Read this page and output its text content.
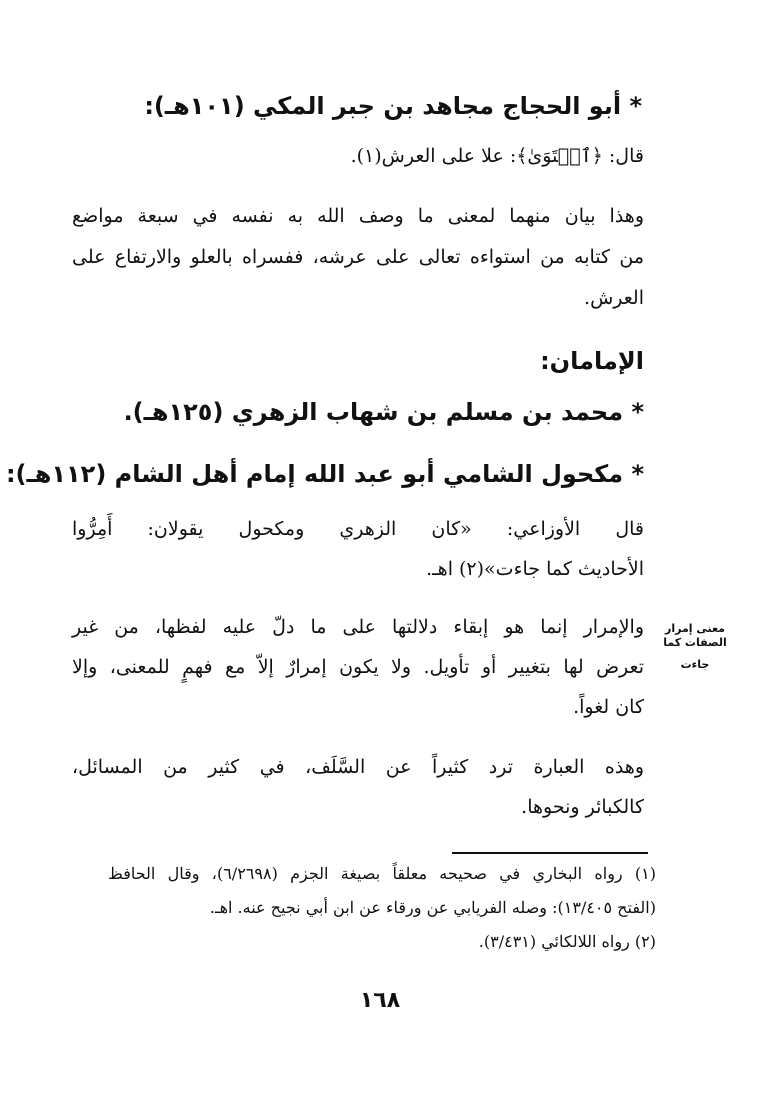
* أبو الحجاج مجاهد بن جبر المكي (١٠١هـ):
قال: ﴿ٱسۡتَوَىٰ﴾: علا على العرش(١).
وهذا بيان منهما لمعنى ما وصف الله به نفسه في سبعة مواضع
من كتابه من استواءه تعالى على عرشه، ففسراه بالعلو والارتفاع على
العرش.
الإمامان:
* محمد بن مسلم بن شهاب الزهري (١٢٥هـ).
* مكحول الشامي أبو عبد الله إمام أهل الشام (١١٢هـ):
قال الأوزاعي: «كان الزهري ومكحول يقولان: أَمِرُّوا
الأحاديث كما جاءت»(٢) اهـ.
معنى إمرار
الصفات كما
جاءت
والإمرار إنما هو إبقاء دلالتها على ما دلّ عليه لفظها، من غير
تعرض لها بتغيير أو تأويل. ولا يكون إمرارٌ إلاّ مع فهمٍ للمعنى، وإلا
كان لغواً.
وهذه العبارة ترد كثيراً عن السَّلَف، في كثير من المسائل،
كالكبائر ونحوها.
(١) رواه البخاري في صحيحه معلقاً بصيغة الجزم (٦/٢٦٩٨)، وقال الحافظ
(الفتح ١٣/٤٠٥): وصله الفريابي عن ورقاء عن ابن أبي نجيح عنه. اهـ.
(٢) رواه اللالكائي (٣/٤٣١).
١٦٨
